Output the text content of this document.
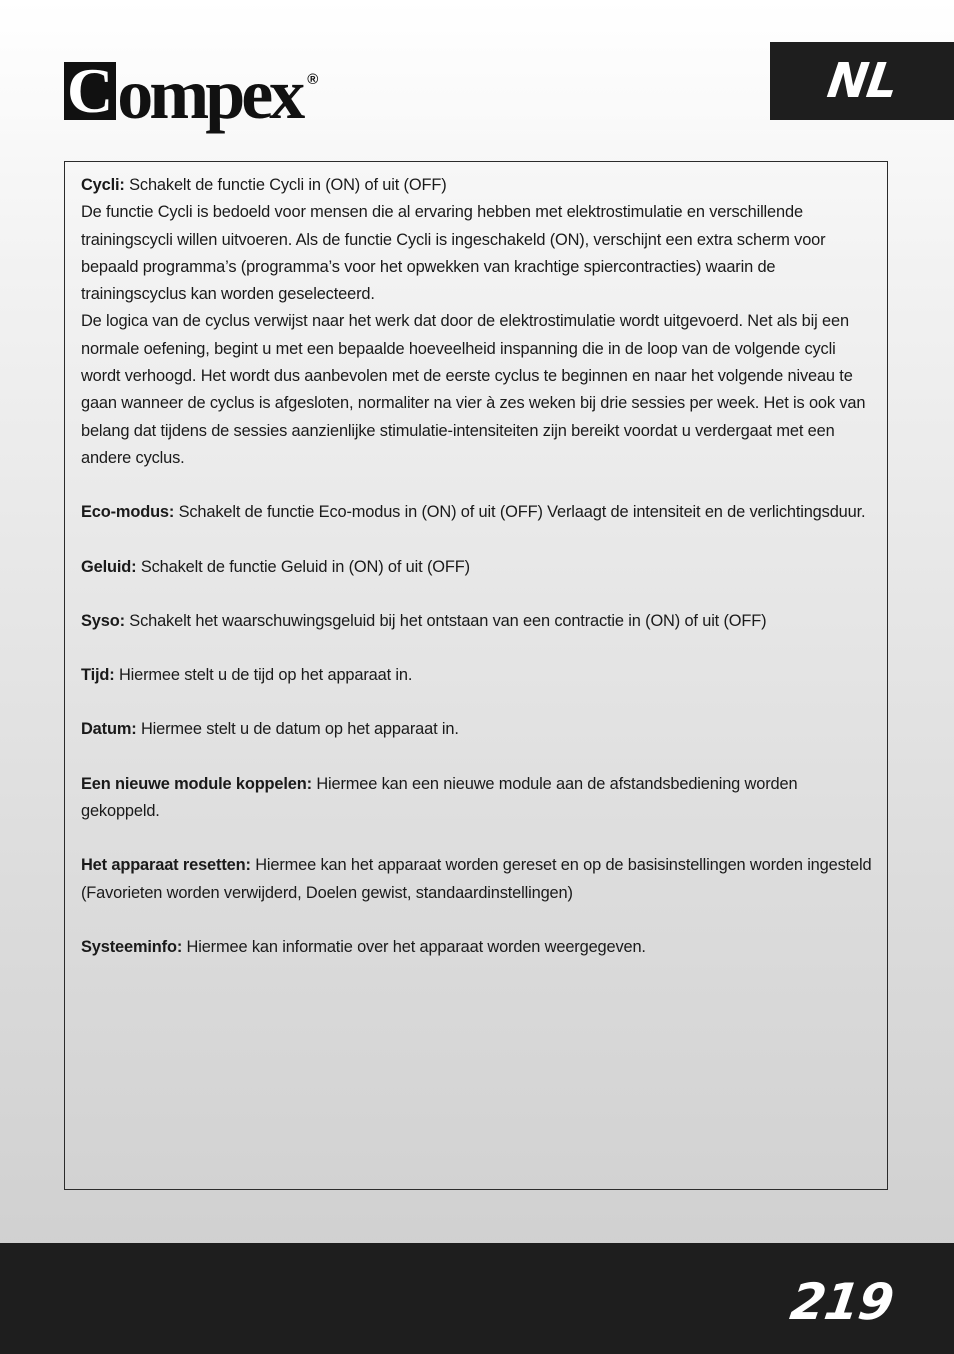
Compex ®	NL

Cycli: Schakelt de functie Cycli in (ON) of uit (OFF)

De functie Cycli is bedoeld voor mensen die al ervaring hebben met elektrostimulatie en verschillende trainingscycli willen uitvoeren. Als de functie Cycli is ingeschakeld (ON), verschijnt een extra scherm voor bepaald programma’s (programma’s voor het opwekken van krachtige spiercontracties) waarin de trainingscyclus kan worden geselecteerd.

De logica van de cyclus verwijst naar het werk dat door de elektrostimulatie wordt uitgevoerd. Net als bij een normale oefening, begint u met een bepaalde hoeveelheid inspanning die in de loop van de volgende cycli wordt verhoogd. Het wordt dus aanbevolen met de eerste cyclus te beginnen en naar het volgende niveau te gaan wanneer de cyclus is afgesloten, normaliter na vier à zes weken bij drie sessies per week. Het is ook van belang dat tijdens de sessies aanzienlijke stimulatie-intensiteiten zijn bereikt voordat u verdergaat met een andere cyclus.

Eco-modus: Schakelt de functie Eco-modus in (ON) of uit (OFF) Verlaagt de intensiteit en de verlichtingsduur.

Geluid: Schakelt de functie Geluid in (ON) of uit (OFF)

Syso: Schakelt het waarschuwingsgeluid bij het ontstaan van een contractie in (ON) of uit (OFF)

Tijd: Hiermee stelt u de tijd op het apparaat in.

Datum: Hiermee stelt u de datum op het apparaat in.

Een nieuwe module koppelen: Hiermee kan een nieuwe module aan de afstandsbediening worden gekoppeld.

Het apparaat resetten: Hiermee kan het apparaat worden gereset en op de basisinstellingen worden ingesteld (Favorieten worden verwijderd, Doelen gewist, standaardinstellingen)

Systeeminfo: Hiermee kan informatie over het apparaat worden weergegeven.

219
